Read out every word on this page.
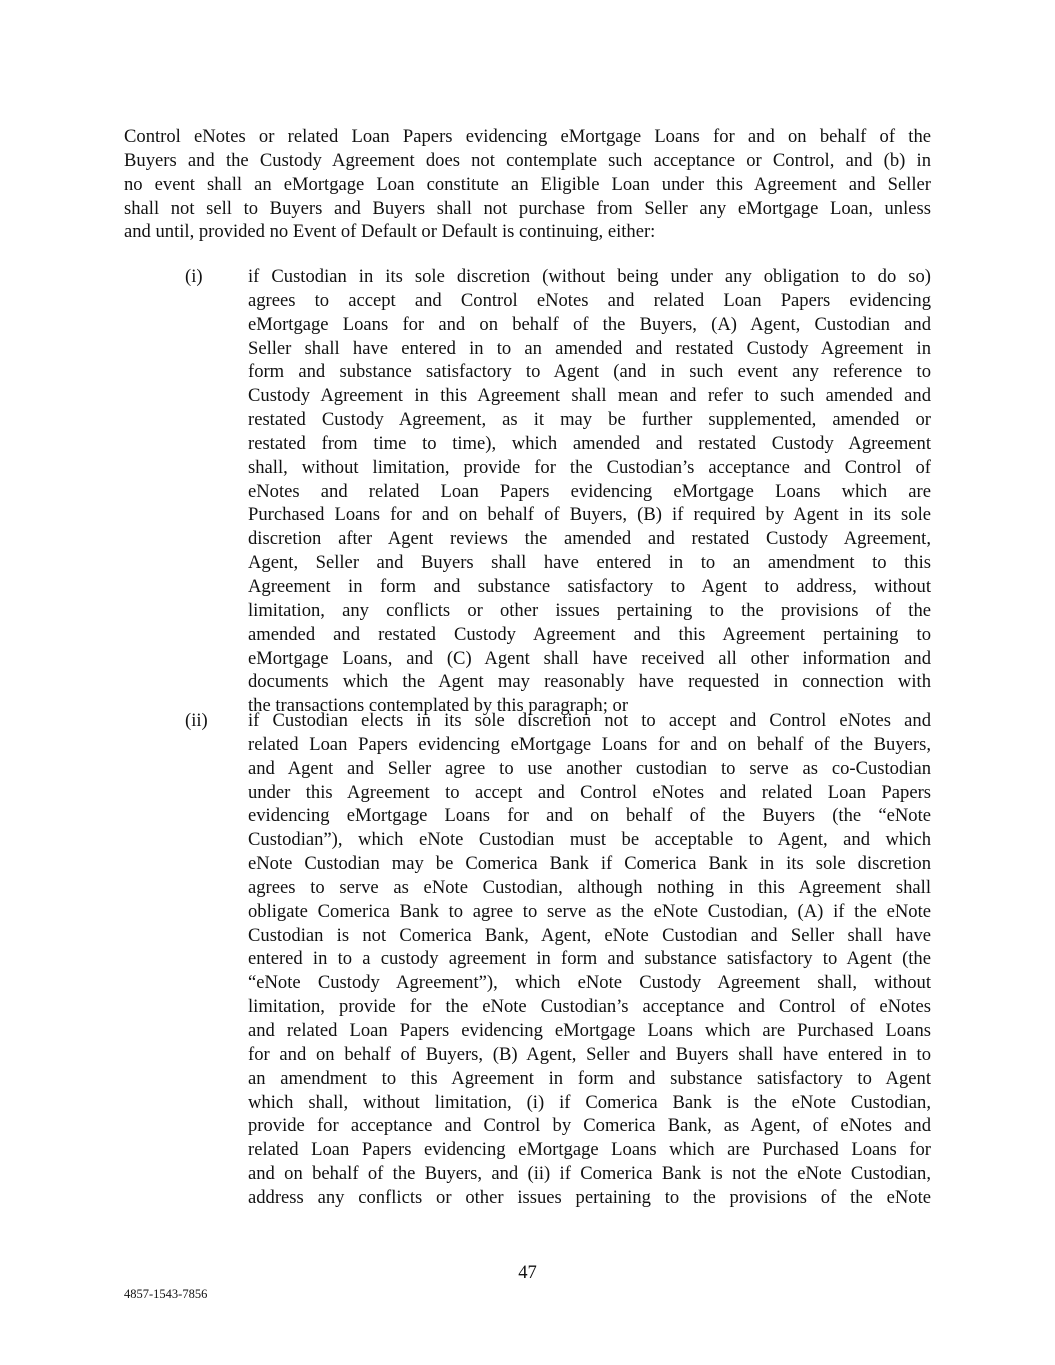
Control eNotes or related Loan Papers evidencing eMortgage Loans for and on behalf of the
Buyers and the Custody Agreement does not contemplate such acceptance or Control, and (b) in
no event shall an eMortgage Loan constitute an Eligible Loan under this Agreement and Seller
shall not sell to Buyers and Buyers shall not purchase from Seller any eMortgage Loan, unless
and until, provided no Event of Default or Default is continuing, either:
(i) if Custodian in its sole discretion (without being under any obligation to do so)
agrees to accept and Control eNotes and related Loan Papers evidencing
eMortgage Loans for and on behalf of the Buyers, (A) Agent, Custodian and
Seller shall have entered in to an amended and restated Custody Agreement in
form and substance satisfactory to Agent (and in such event any reference to
Custody Agreement in this Agreement shall mean and refer to such amended and
restated Custody Agreement, as it may be further supplemented, amended or
restated from time to time), which amended and restated Custody Agreement
shall, without limitation, provide for the Custodian’s acceptance and Control of
eNotes and related Loan Papers evidencing eMortgage Loans which are
Purchased Loans for and on behalf of Buyers, (B) if required by Agent in its sole
discretion after Agent reviews the amended and restated Custody Agreement,
Agent, Seller and Buyers shall have entered in to an amendment to this
Agreement in form and substance satisfactory to Agent to address, without
limitation, any conflicts or other issues pertaining to the provisions of the
amended and restated Custody Agreement and this Agreement pertaining to
eMortgage Loans, and (C) Agent shall have received all other information and
documents which the Agent may reasonably have requested in connection with
the transactions contemplated by this paragraph; or
(ii) if Custodian elects in its sole discretion not to accept and Control eNotes and
related Loan Papers evidencing eMortgage Loans for and on behalf of the Buyers,
and Agent and Seller agree to use another custodian to serve as co-Custodian
under this Agreement to accept and Control eNotes and related Loan Papers
evidencing eMortgage Loans for and on behalf of the Buyers (the “eNote
Custodian”), which eNote Custodian must be acceptable to Agent, and which
eNote Custodian may be Comerica Bank if Comerica Bank in its sole discretion
agrees to serve as eNote Custodian, although nothing in this Agreement shall
obligate Comerica Bank to agree to serve as the eNote Custodian, (A) if the eNote
Custodian is not Comerica Bank, Agent, eNote Custodian and Seller shall have
entered in to a custody agreement in form and substance satisfactory to Agent (the
“eNote Custody Agreement”), which eNote Custody Agreement shall, without
limitation, provide for the eNote Custodian’s acceptance and Control of eNotes
and related Loan Papers evidencing eMortgage Loans which are Purchased Loans
for and on behalf of Buyers, (B) Agent, Seller and Buyers shall have entered in to
an amendment to this Agreement in form and substance satisfactory to Agent
which shall, without limitation, (i) if Comerica Bank is the eNote Custodian,
provide for acceptance and Control by Comerica Bank, as Agent, of eNotes and
related Loan Papers evidencing eMortgage Loans which are Purchased Loans for
and on behalf of the Buyers, and (ii) if Comerica Bank is not the eNote Custodian,
address any conflicts or other issues pertaining to the provisions of the eNote
47
4857-1543-7856
